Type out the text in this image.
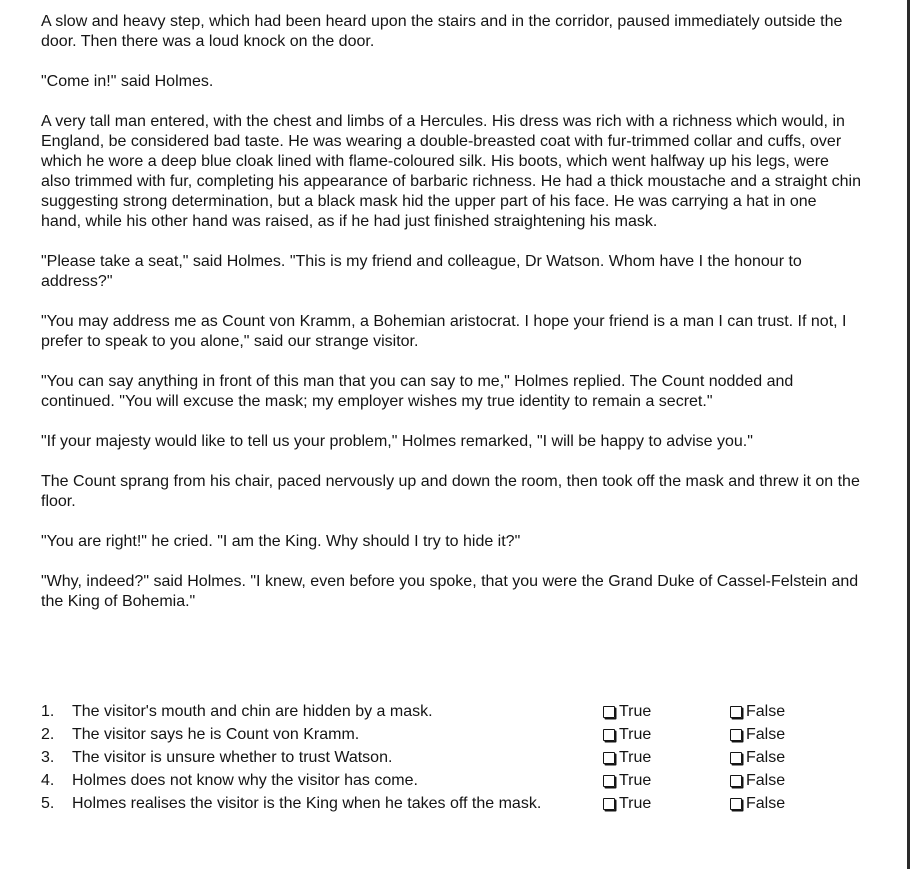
A slow and heavy step, which had been heard upon the stairs and in the corridor, paused immediately outside the door. Then there was a loud knock on the door.

"Come in!" said Holmes.

A very tall man entered, with the chest and limbs of a Hercules. His dress was rich with a richness which would, in England, be considered bad taste. He was wearing a double-breasted coat with fur-trimmed collar and cuffs, over which he wore a deep blue cloak lined with flame-coloured silk. His boots, which went halfway up his legs, were also trimmed with fur, completing his appearance of barbaric richness. He had a thick moustache and a straight chin suggesting strong determination, but a black mask hid the upper part of his face. He was carrying a hat in one hand, while his other hand was raised, as if he had just finished straightening his mask.

"Please take a seat," said Holmes. "This is my friend and colleague, Dr Watson. Whom have I the honour to address?"

"You may address me as Count von Kramm, a Bohemian aristocrat. I hope your friend is a man I can trust. If not, I prefer to speak to you alone," said our strange visitor.

"You can say anything in front of this man that you can say to me," Holmes replied. The Count nodded and continued. "You will excuse the mask; my employer wishes my true identity to remain a secret."

"If your majesty would like to tell us your problem," Holmes remarked, "I will be happy to advise you."

The Count sprang from his chair, paced nervously up and down the room, then took off the mask and threw it on the floor.

"You are right!" he cried. "I am the King. Why should I try to hide it?"

"Why, indeed?" said Holmes. "I knew, even before you spoke, that you were the Grand Duke of Cassel-Felstein and the King of Bohemia."

1.	The visitor's mouth and chin are hidden by a mask.	True	False
2.	The visitor says he is Count von Kramm.	True	False
3.	The visitor is unsure whether to trust Watson.	True	False
4.	Holmes does not know why the visitor has come.	True	False
5.	Holmes realises the visitor is the King when he takes off the mask.	True	False
